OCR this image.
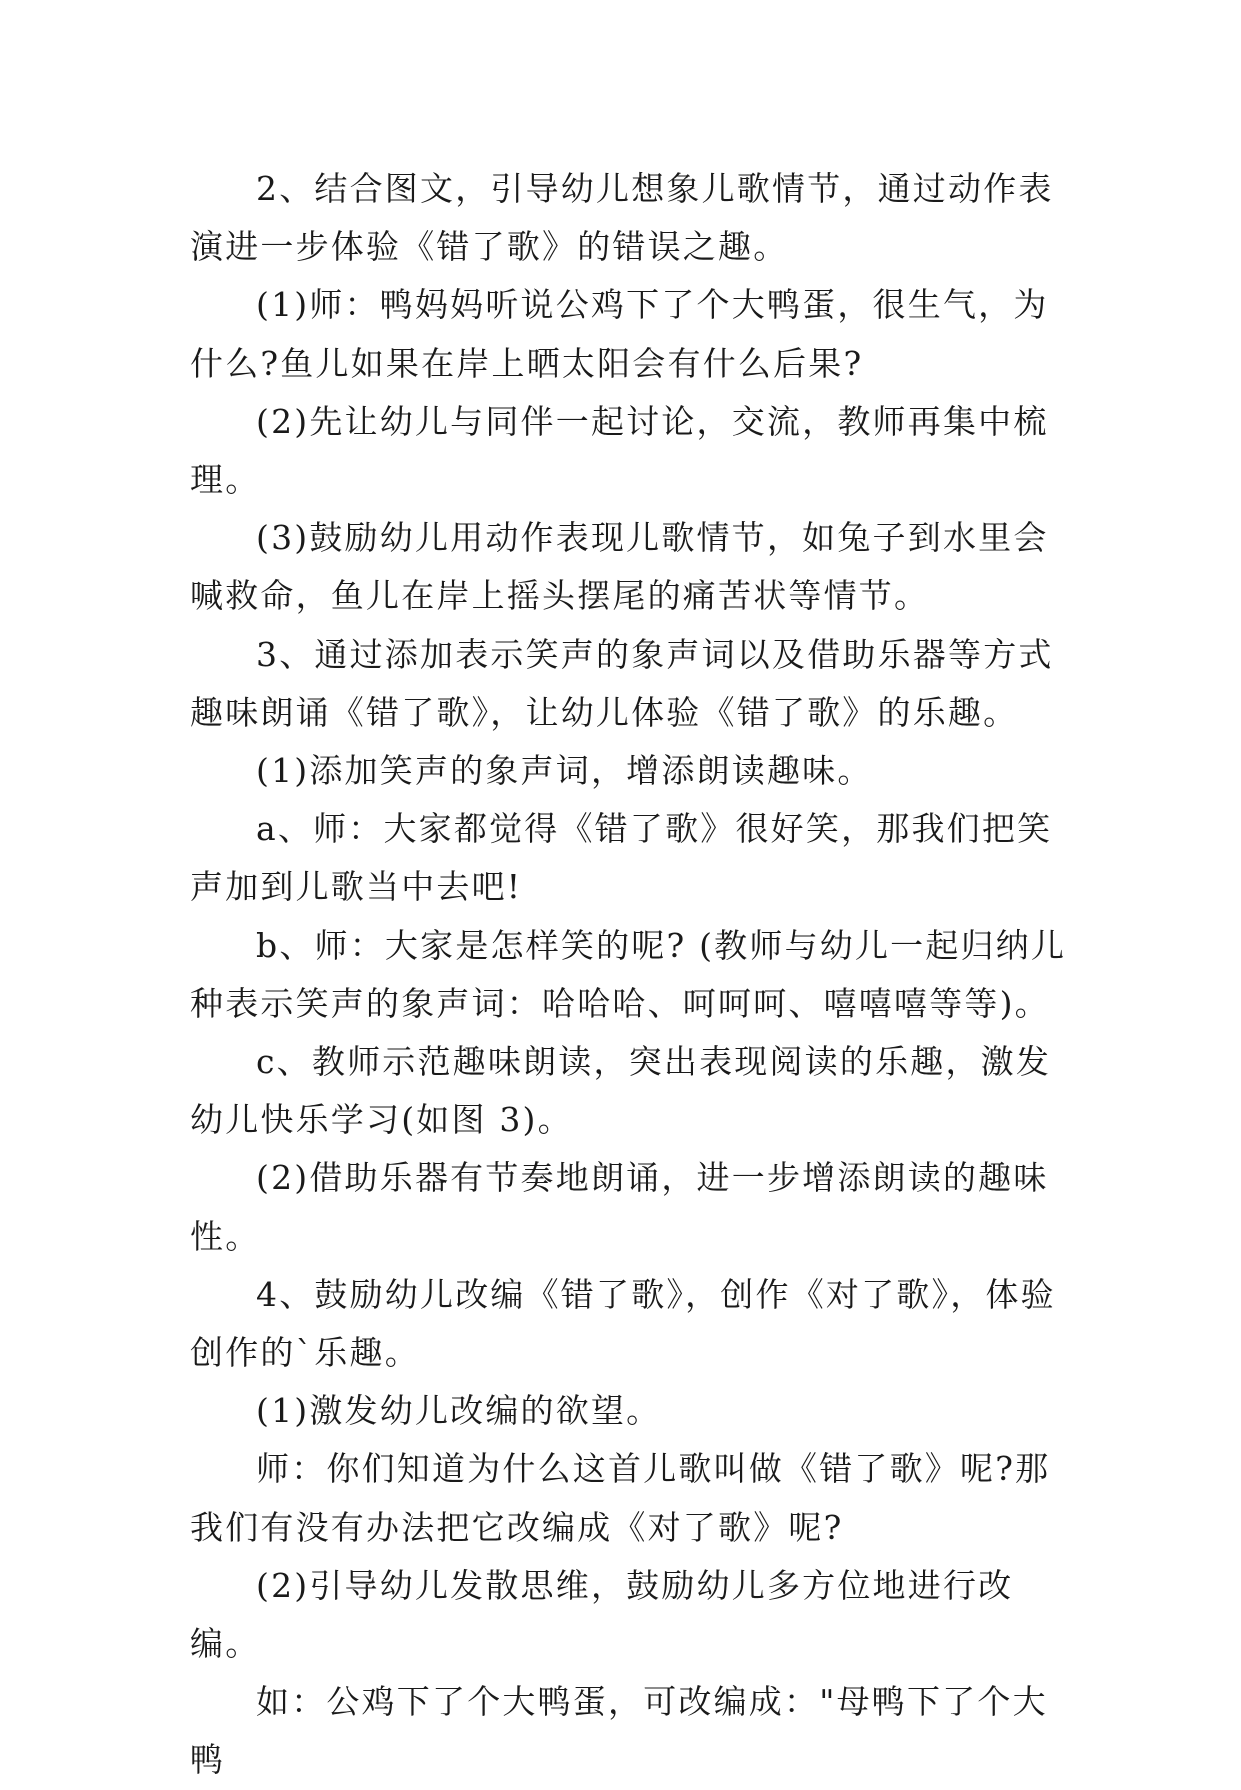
2、结合图文，引导幼儿想象儿歌情节，通过动作表演进一步体验《错了歌》的错误之趣。

(1)师：鸭妈妈听说公鸡下了个大鸭蛋，很生气，为什么?鱼儿如果在岸上晒太阳会有什么后果?

(2)先让幼儿与同伴一起讨论，交流，教师再集中梳理。

(3)鼓励幼儿用动作表现儿歌情节，如兔子到水里会喊救命，鱼儿在岸上摇头摆尾的痛苦状等情节。

3、通过添加表示笑声的象声词以及借助乐器等方式趣味朗诵《错了歌》，让幼儿体验《错了歌》的乐趣。

(1)添加笑声的象声词，增添朗读趣味。

a、师：大家都觉得《错了歌》很好笑，那我们把笑声加到儿歌当中去吧!

b、师：大家是怎样笑的呢? (教师与幼儿一起归纳儿种表示笑声的象声词：哈哈哈、呵呵呵、嘻嘻嘻等等)。

c、教师示范趣味朗读，突出表现阅读的乐趣，激发幼儿快乐学习(如图 3)。

(2)借助乐器有节奏地朗诵，进一步增添朗读的趣味性。

4、鼓励幼儿改编《错了歌》，创作《对了歌》，体验创作的`乐趣。

(1)激发幼儿改编的欲望。

师：你们知道为什么这首儿歌叫做《错了歌》呢?那我们有没有办法把它改编成《对了歌》呢?

(2)引导幼儿发散思维，鼓励幼儿多方位地进行改编。

如：公鸡下了个大鸭蛋，可改编成："母鸭下了个大鸭
